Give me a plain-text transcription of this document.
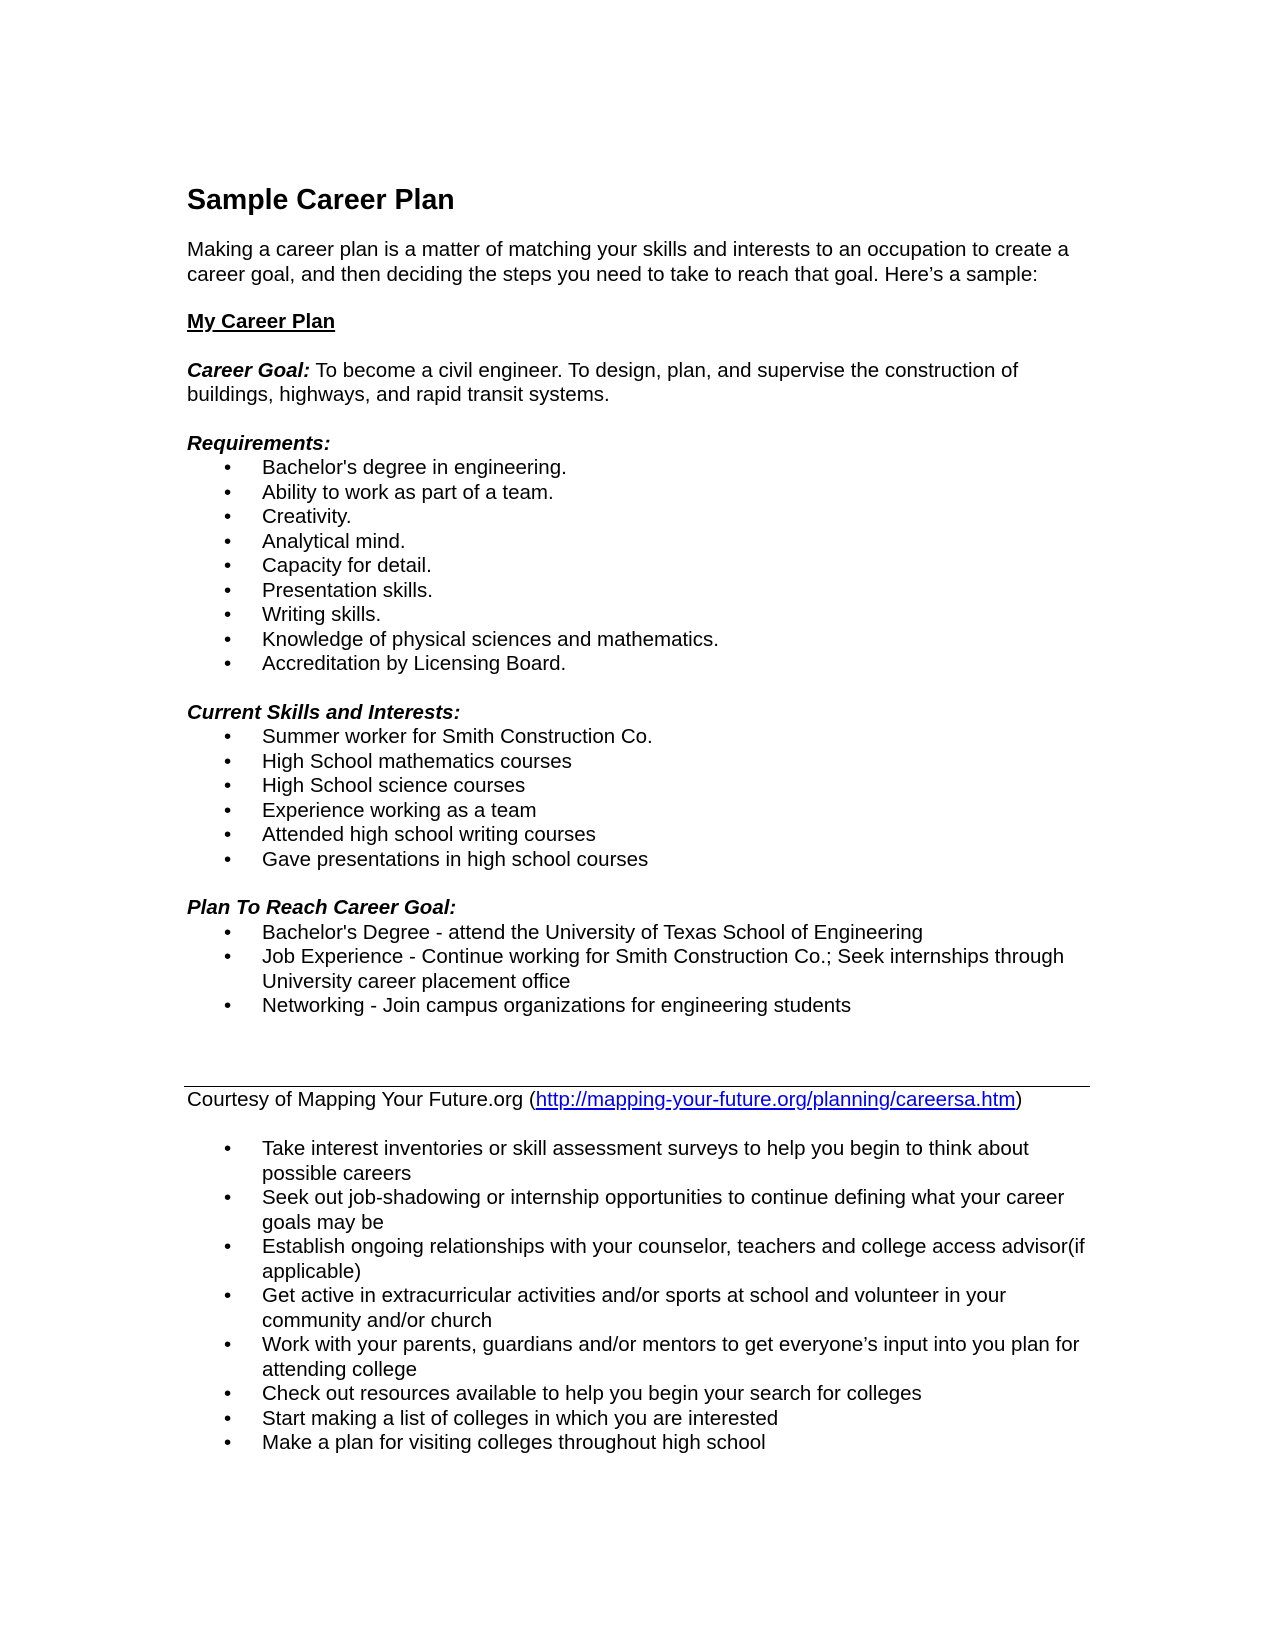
Sample Career Plan

Making a career plan is a matter of matching your skills and interests to an occupation to create a career goal, and then deciding the steps you need to take to reach that goal. Here’s a sample:

My Career Plan
Career Goal: To become a civil engineer. To design, plan, and supervise the construction of buildings, highways, and rapid transit systems.
Requirements:
• Bachelor's degree in engineering.
• Ability to work as part of a team.
• Creativity.
• Analytical mind.
• Capacity for detail.
• Presentation skills.
• Writing skills.
• Knowledge of physical sciences and mathematics.
• Accreditation by Licensing Board.
Current Skills and Interests:
• Summer worker for Smith Construction Co.
• High School mathematics courses
• High School science courses
• Experience working as a team
• Attended high school writing courses
• Gave presentations in high school courses
Plan To Reach Career Goal:
• Bachelor's Degree - attend the University of Texas School of Engineering
• Job Experience - Continue working for Smith Construction Co.; Seek internships through University career placement office
• Networking - Join campus organizations for engineering students
Courtesy of Mapping Your Future.org (http://mapping-your-future.org/planning/careersa.htm)
• Take interest inventories or skill assessment surveys to help you begin to think about possible careers
• Seek out job-shadowing or internship opportunities to continue defining what your career goals may be
• Establish ongoing relationships with your counselor, teachers and college access advisor(if applicable)
• Get active in extracurricular activities and/or sports at school and volunteer in your community and/or church
• Work with your parents, guardians and/or mentors to get everyone’s input into you plan for attending college
• Check out resources available to help you begin your search for colleges
• Start making a list of colleges in which you are interested
• Make a plan for visiting colleges throughout high school
